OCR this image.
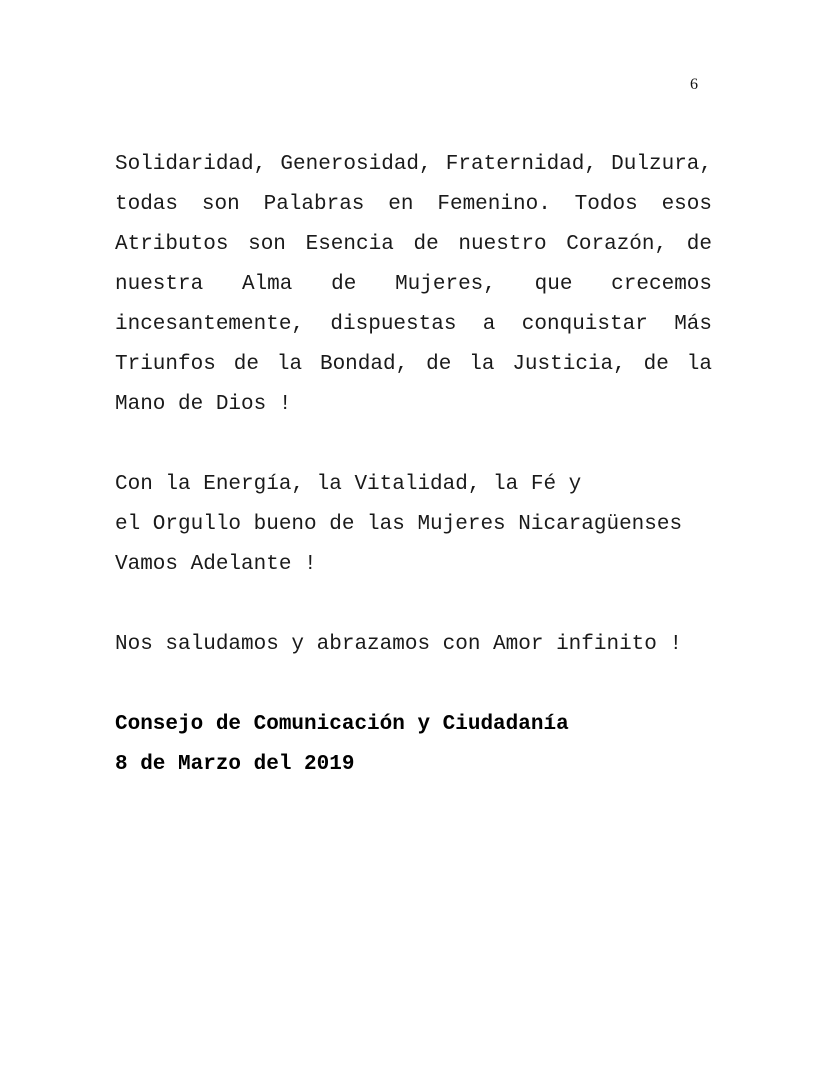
6
Solidaridad, Generosidad, Fraternidad, Dulzura,
todas son Palabras en Femenino. Todos esos
Atributos son Esencia de nuestro Corazón, de
nuestra Alma de Mujeres, que crecemos
incesantemente, dispuestas a conquistar Más
Triunfos de la Bondad, de la Justicia, de la
Mano de Dios !
Con la Energía, la Vitalidad, la Fé y
el Orgullo bueno de las Mujeres Nicaragüenses
Vamos Adelante !
Nos saludamos y abrazamos con Amor infinito !
Consejo de Comunicación y Ciudadanía
8 de Marzo del 2019
